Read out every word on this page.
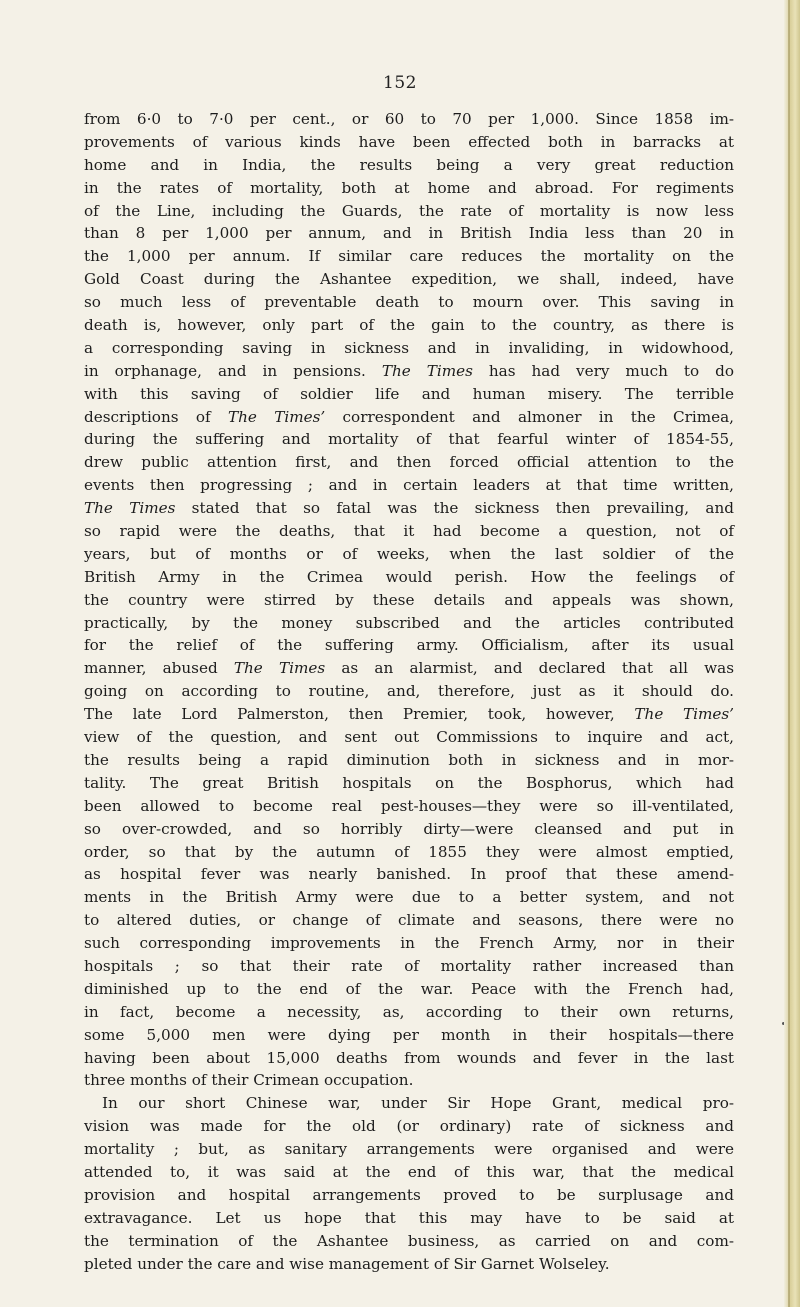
152
from 6·0 to 7·0 per cent., or 60 to 70 per 1,000. Since 1858 im-
provements of various kinds have been effected both in barracks at
home and in India, the results being a very great reduction
in the rates of mortality, both at home and abroad. For regiments
of the Line, including the Guards, the rate of mortality is now less
than 8 per 1,000 per annum, and in British India less than 20 in
the 1,000 per annum. If similar care reduces the mortality on the
Gold Coast during the Ashantee expedition, we shall, indeed, have
so much less of preventable death to mourn over. This saving in
death is, however, only part of the gain to the country, as there is
a corresponding saving in sickness and in invaliding, in widowhood,
in orphanage, and in pensions. The Times has had very much to do
with this saving of soldier life and human misery. The terrible
descriptions of The Times’ correspondent and almoner in the Crimea,
during the suffering and mortality of that fearful winter of 1854-55,
drew public attention first, and then forced official attention to the
events then progressing ; and in certain leaders at that time written,
The Times stated that so fatal was the sickness then prevailing, and
so rapid were the deaths, that it had become a question, not of
years, but of months or of weeks, when the last soldier of the
British Army in the Crimea would perish. How the feelings of
the country were stirred by these details and appeals was shown,
practically, by the money subscribed and the articles contributed
for the relief of the suffering army. Officialism, after its usual
manner, abused The Times as an alarmist, and declared that all was
going on according to routine, and, therefore, just as it should do.
The late Lord Palmerston, then Premier, took, however, The Times’
view of the question, and sent out Commissions to inquire and act,
the results being a rapid diminution both in sickness and in mor-
tality. The great British hospitals on the Bosphorus, which had
been allowed to become real pest-houses—they were so ill-ventilated,
so over-crowded, and so horribly dirty—were cleansed and put in
order, so that by the autumn of 1855 they were almost emptied,
as hospital fever was nearly banished. In proof that these amend-
ments in the British Army were due to a better system, and not
to altered duties, or change of climate and seasons, there were no
such corresponding improvements in the French Army, nor in their
hospitals ; so that their rate of mortality rather increased than
diminished up to the end of the war. Peace with the French had,
in fact, become a necessity, as, according to their own returns,
some 5,000 men were dying per month in their hospitals—there
having been about 15,000 deaths from wounds and fever in the last
three months of their Crimean occupation.
In our short Chinese war, under Sir Hope Grant, medical pro-
vision was made for the old (or ordinary) rate of sickness and
mortality ; but, as sanitary arrangements were organised and were
attended to, it was said at the end of this war, that the medical
provision and hospital arrangements proved to be surplusage and
extravagance. Let us hope that this may have to be said at
the termination of the Ashantee business, as carried on and com-
pleted under the care and wise management of Sir Garnet Wolseley.
